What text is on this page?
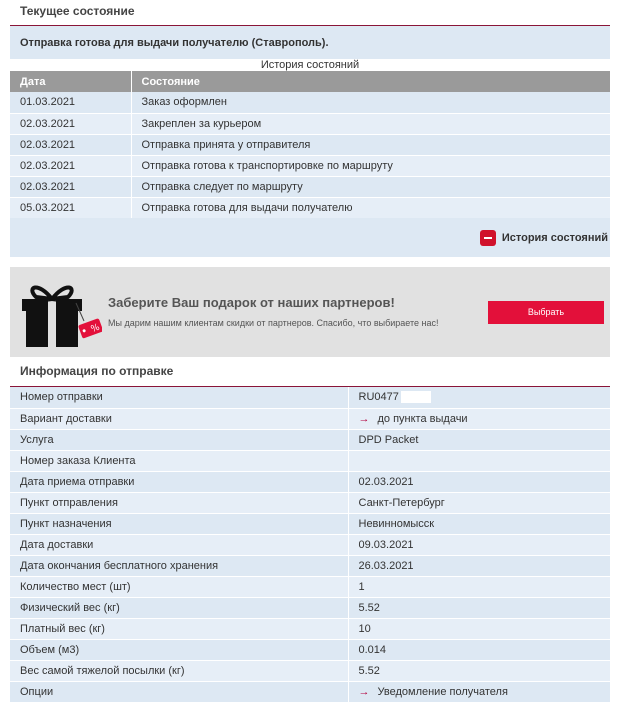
Текущее состояние
Отправка готова для выдачи получателю (Ставрополь).
История состояний
Дата	Состояние
01.03.2021	Заказ оформлен
02.03.2021	Закреплен за курьером
02.03.2021	Отправка принята у отправителя
02.03.2021	Отправка готова к транспортировке по маршруту
02.03.2021	Отправка следует по маршруту
05.03.2021	Отправка готова для выдачи получателю
История состояний
%
Заберите Ваш подарок от наших партнеров!
Мы дарим нашим клиентам скидки от партнеров. Спасибо, что выбираете нас!
Выбрать
Информация по отправке
Номер отправки	RU0477
Вариант доставки	→ до пункта выдачи
Услуга	DPD Packet
Номер заказа Клиента	
Дата приема отправки	02.03.2021
Пункт отправления	Санкт-Петербург
Пункт назначения	Невинномысск
Дата доставки	09.03.2021
Дата окончания бесплатного хранения	26.03.2021
Количество мест (шт)	1
Физический вес (кг)	5.52
Платный вес (кг)	10
Объем (м3)	0.014
Вес самой тяжелой посылки (кг)	5.52
Опции	→ Уведомление получателя
